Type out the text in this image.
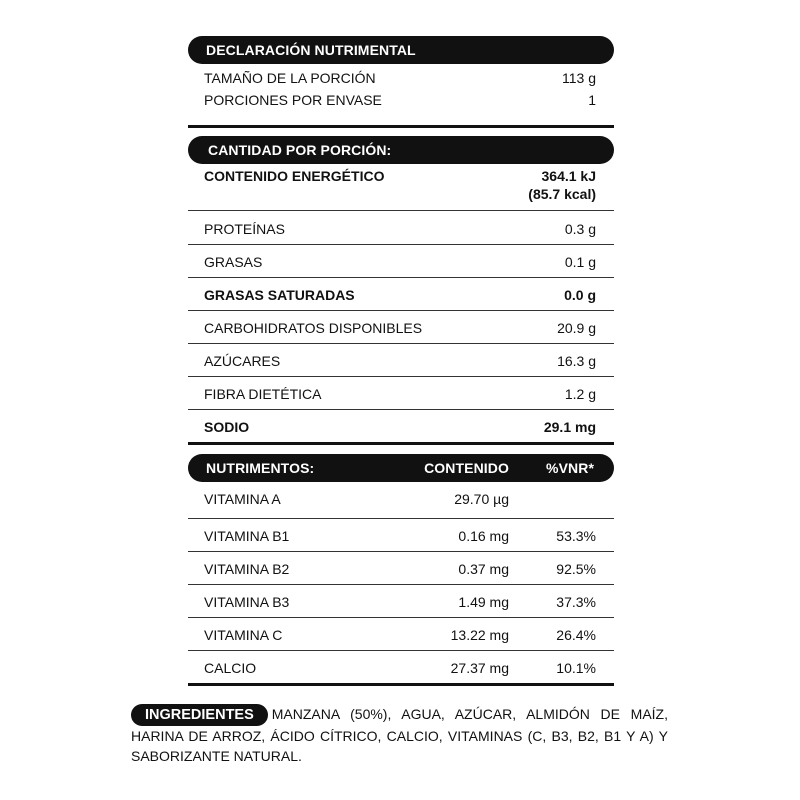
DECLARACIÓN NUTRIMENTAL
TAMAÑO DE LA PORCIÓN	113 g
PORCIONES POR ENVASE	1
CANTIDAD POR PORCIÓN:
CONTENIDO ENERGÉTICO	364.1 kJ
(85.7 kcal)
PROTEÍNAS	0.3 g
GRASAS	0.1 g
GRASAS SATURADAS	0.0 g
CARBOHIDRATOS DISPONIBLES	20.9 g
AZÚCARES	16.3 g
FIBRA DIETÉTICA	1.2 g
SODIO	29.1 mg
NUTRIMENTOS:	CONTENIDO	%VNR*
VITAMINA A	29.70 µg
VITAMINA B1	0.16 mg	53.3%
VITAMINA B2	0.37 mg	92.5%
VITAMINA B3	1.49 mg	37.3%
VITAMINA C	13.22 mg	26.4%
CALCIO	27.37 mg	10.1%
INGREDIENTES MANZANA (50%), AGUA, AZÚCAR, ALMIDÓN DE MAÍZ, HARINA DE ARROZ, ÁCIDO CÍTRICO, CALCIO, VITAMINAS (C, B3, B2, B1 Y A) Y SABORIZANTE NATURAL.
